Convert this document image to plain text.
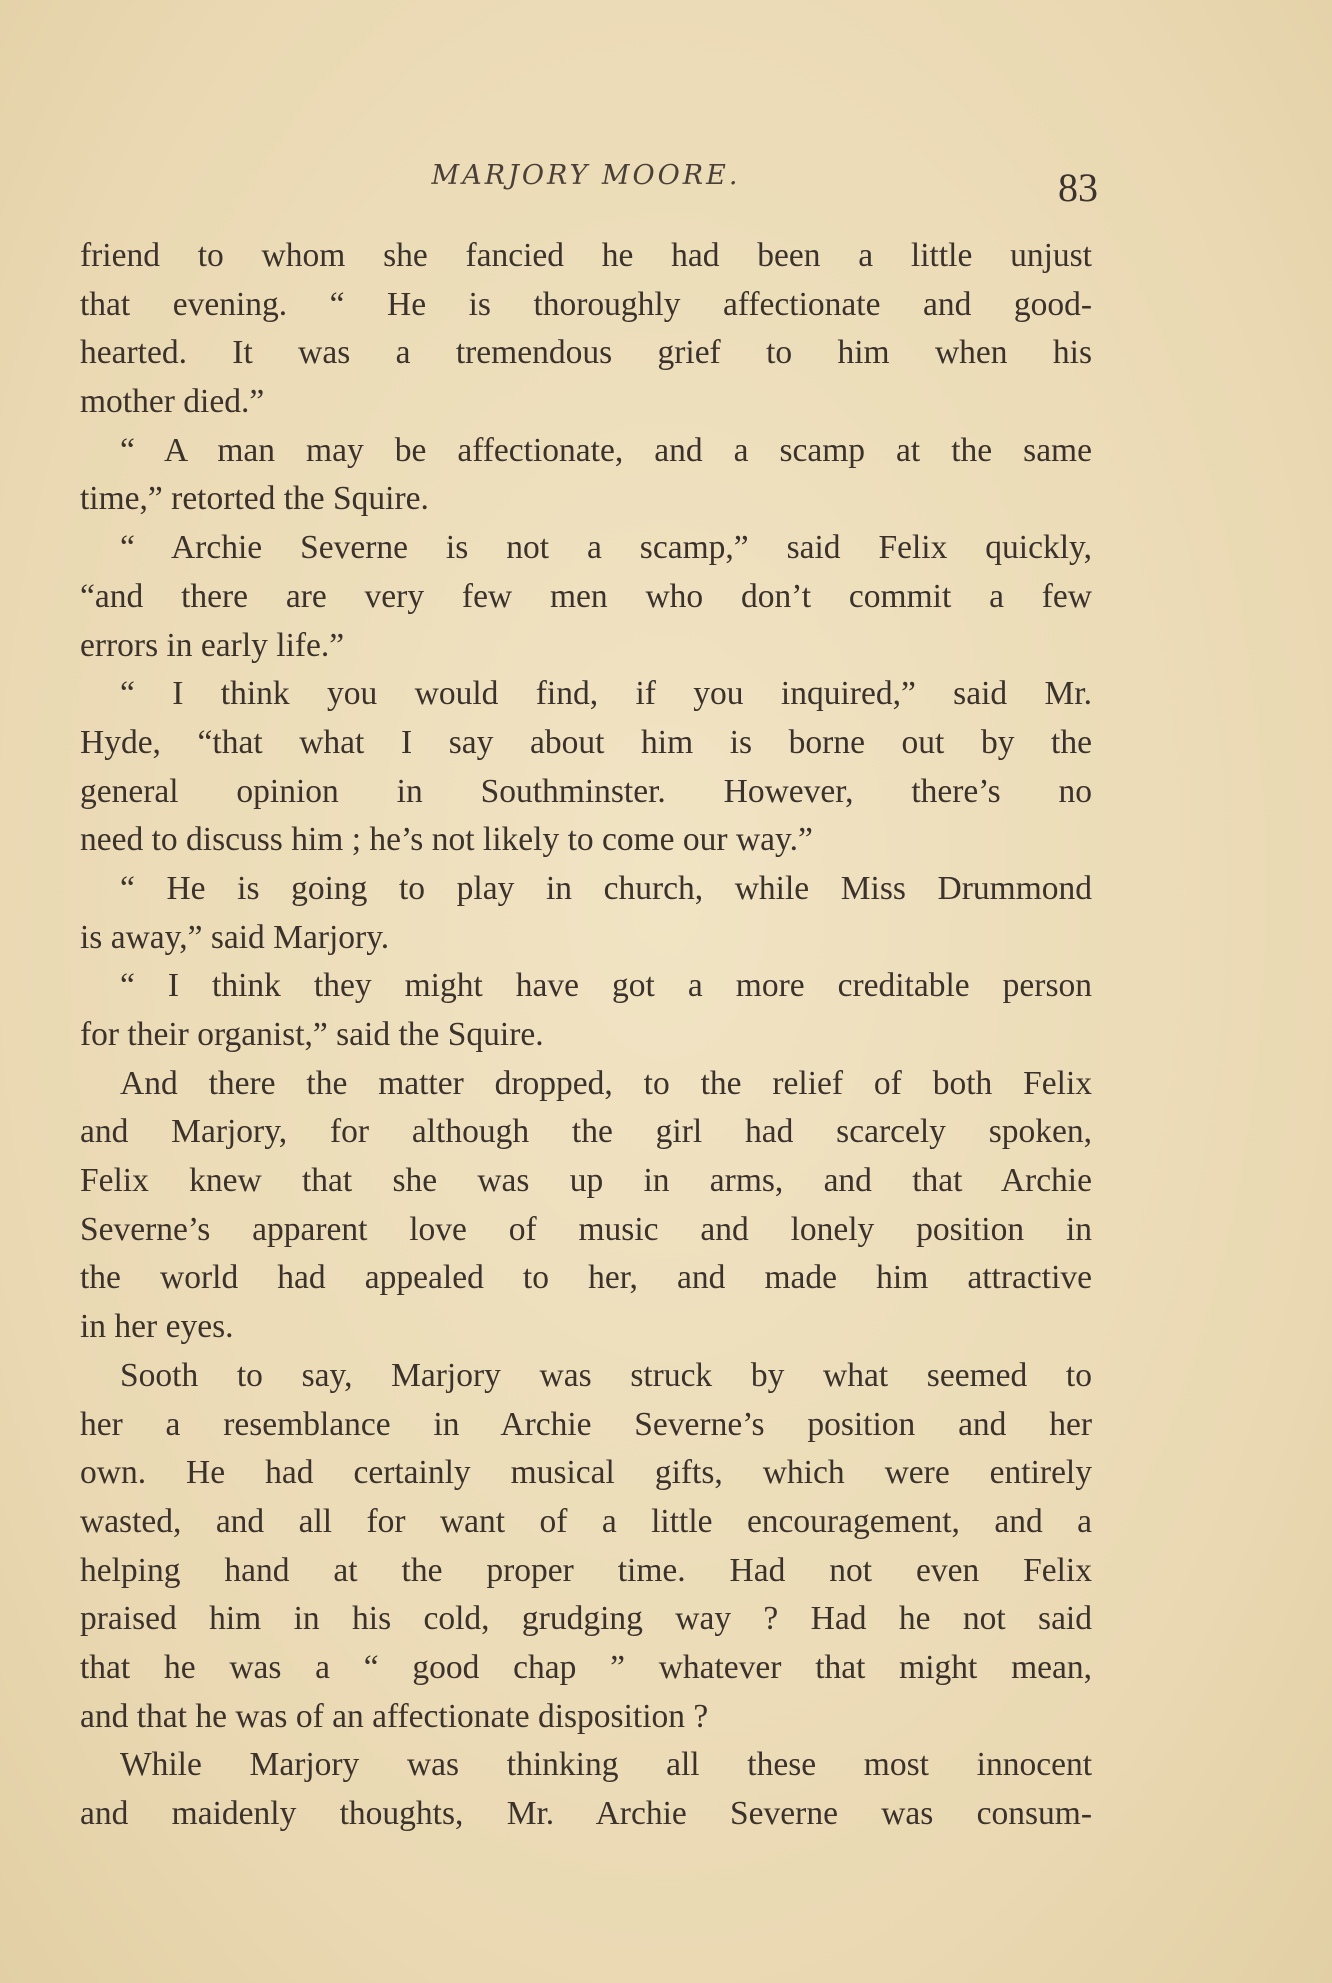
MARJORY MOORE.	83
friend to whom she fancied he had been a little unjust
that evening. “ He is thoroughly affectionate and good-
hearted. It was a tremendous grief to him when his
mother died.”
“ A man may be affectionate, and a scamp at the same
time,” retorted the Squire.
“ Archie Severne is not a scamp,” said Felix quickly,
“and there are very few men who don’t commit a few
errors in early life.”
“ I think you would find, if you inquired,” said Mr.
Hyde, “that what I say about him is borne out by the
general opinion in Southminster. However, there’s no
need to discuss him ; he’s not likely to come our way.”
“ He is going to play in church, while Miss Drummond
is away,” said Marjory.
“ I think they might have got a more creditable person
for their organist,” said the Squire.
And there the matter dropped, to the relief of both Felix
and Marjory, for although the girl had scarcely spoken,
Felix knew that she was up in arms, and that Archie
Severne’s apparent love of music and lonely position in
the world had appealed to her, and made him attractive
in her eyes.
Sooth to say, Marjory was struck by what seemed to
her a resemblance in Archie Severne’s position and her
own. He had certainly musical gifts, which were entirely
wasted, and all for want of a little encouragement, and a
helping hand at the proper time. Had not even Felix
praised him in his cold, grudging way ? Had he not said
that he was a “ good chap ” whatever that might mean,
and that he was of an affectionate disposition ?
While Marjory was thinking all these most innocent
and maidenly thoughts, Mr. Archie Severne was consum-
